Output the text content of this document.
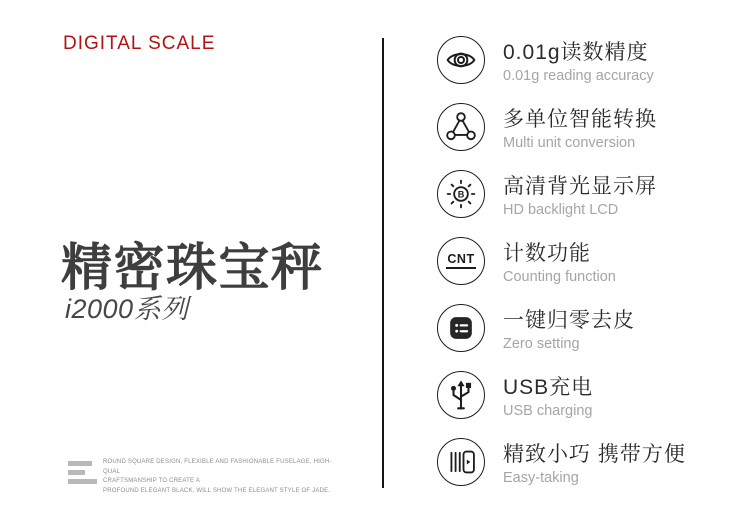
DIGITAL SCALE
精密珠宝秤
i2000系列
ROUND SQUARE DESIGN, FLEXIBLE AND FASHIONABLE FUSELAGE, HIGH-QUAL
CRAFTSMANSHIP TO CREATE A
PROFOUND ELEGANT BLACK, WILL SHOW THE ELEGANT STYLE OF JADE.
0.01g读数精度
0.01g reading accuracy
多单位智能转换
Multi unit conversion
B 高清背光显示屏
HD backlight LCD
CNT 计数功能
Counting function
一键归零去皮
Zero setting
USB充电
USB charging
精致小巧 携带方便
Easy-taking
